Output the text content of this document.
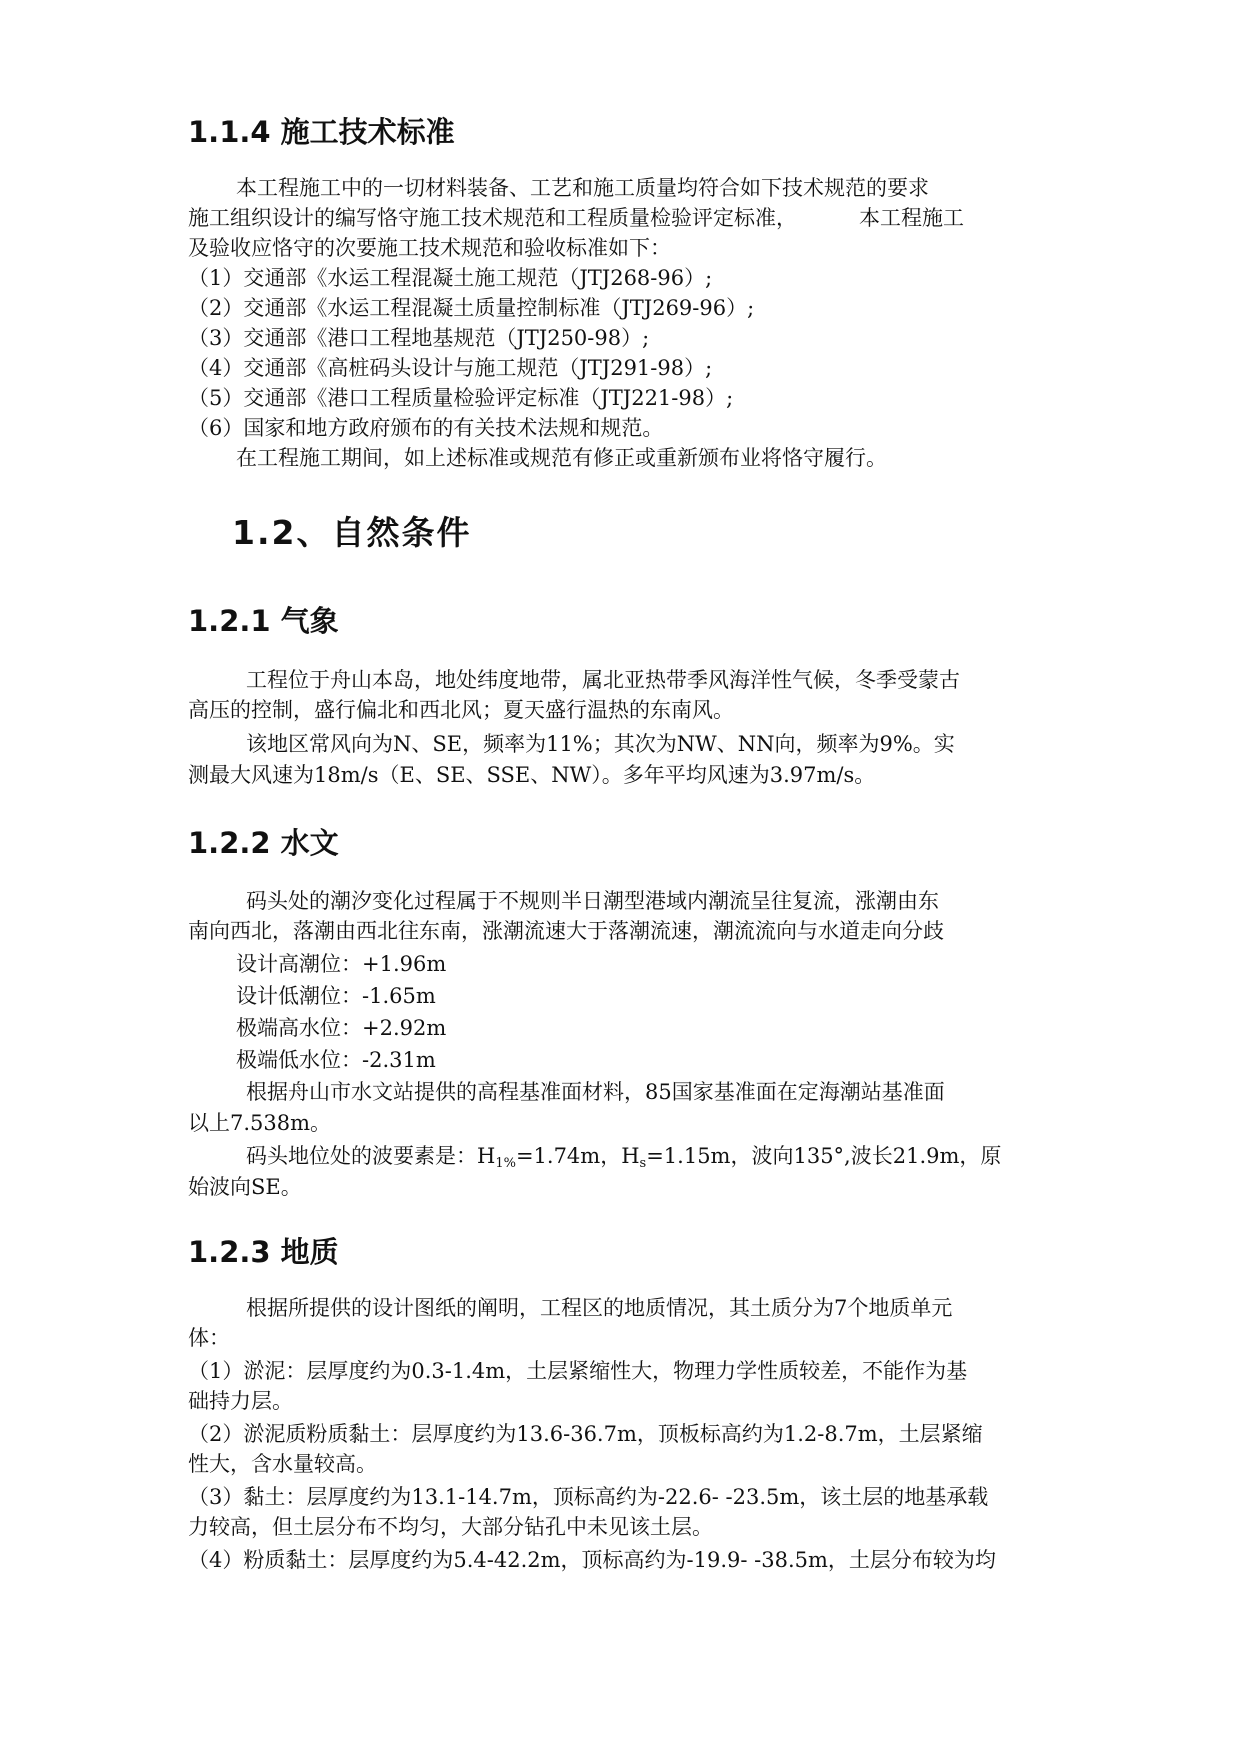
1.1.4 施工技术标准
本工程施工中的一切材料装备、工艺和施工质量均符合如下技术规范的要求
施工组织设计的编写恪守施工技术规范和工程质量检验评定标准，	本工程施工
及验收应恪守的次要施工技术规范和验收标准如下：
（1）交通部《水运工程混凝土施工规范（JTJ268-96）;
（2）交通部《水运工程混凝土质量控制标准（JTJ269-96）;
（3）交通部《港口工程地基规范（JTJ250-98）;
（4）交通部《高桩码头设计与施工规范（JTJ291-98）;
（5）交通部《港口工程质量检验评定标准（JTJ221-98）;
（6）国家和地方政府颁布的有关技术法规和规范。
在工程施工期间，如上述标准或规范有修正或重新颁布业将恪守履行。
1.2、自然条件
1.2.1 气象
工程位于舟山本岛，地处纬度地带，属北亚热带季风海洋性气候，冬季受蒙古
高压的控制，盛行偏北和西北风；夏天盛行温热的东南风。
该地区常风向为N、SE，频率为11%；其次为NW、NN向，频率为9%。实
测最大风速为18m/s（E、SE、SSE、NW）。多年平均风速为3.97m/s。
1.2.2 水文
码头处的潮汐变化过程属于不规则半日潮型港域内潮流呈往复流，涨潮由东
南向西北，落潮由西北往东南，涨潮流速大于落潮流速，潮流流向与水道走向分歧
设计高潮位：+1.96m
设计低潮位：-1.65m
极端高水位：+2.92m
极端低水位：-2.31m
根据舟山市水文站提供的高程基准面材料，85国家基准面在定海潮站基准面
以上7.538m。
码头地位处的波要素是：$H_{1\%}=1.74m$，$H_s=1.15m$，波向135°,波长21.9m，原
始波向SE。
1.2.3 地质
根据所提供的设计图纸的阐明，工程区的地质情况，其土质分为7个地质单元
体：
（1）淤泥：层厚度约为0.3-1.4m，土层紧缩性大，物理力学性质较差，不能作为基
础持力层。
（2）淤泥质粉质黏土：层厚度约为13.6-36.7m，顶板标高约为1.2-8.7m，土层紧缩
性大，含水量较高。
（3）黏土：层厚度约为13.1-14.7m，顶标高约为-22.6- -23.5m，该土层的地基承载
力较高，但土层分布不均匀，大部分钻孔中未见该土层。
（4）粉质黏土：层厚度约为5.4-42.2m，顶标高约为-19.9- -38.5m，土层分布较为均
